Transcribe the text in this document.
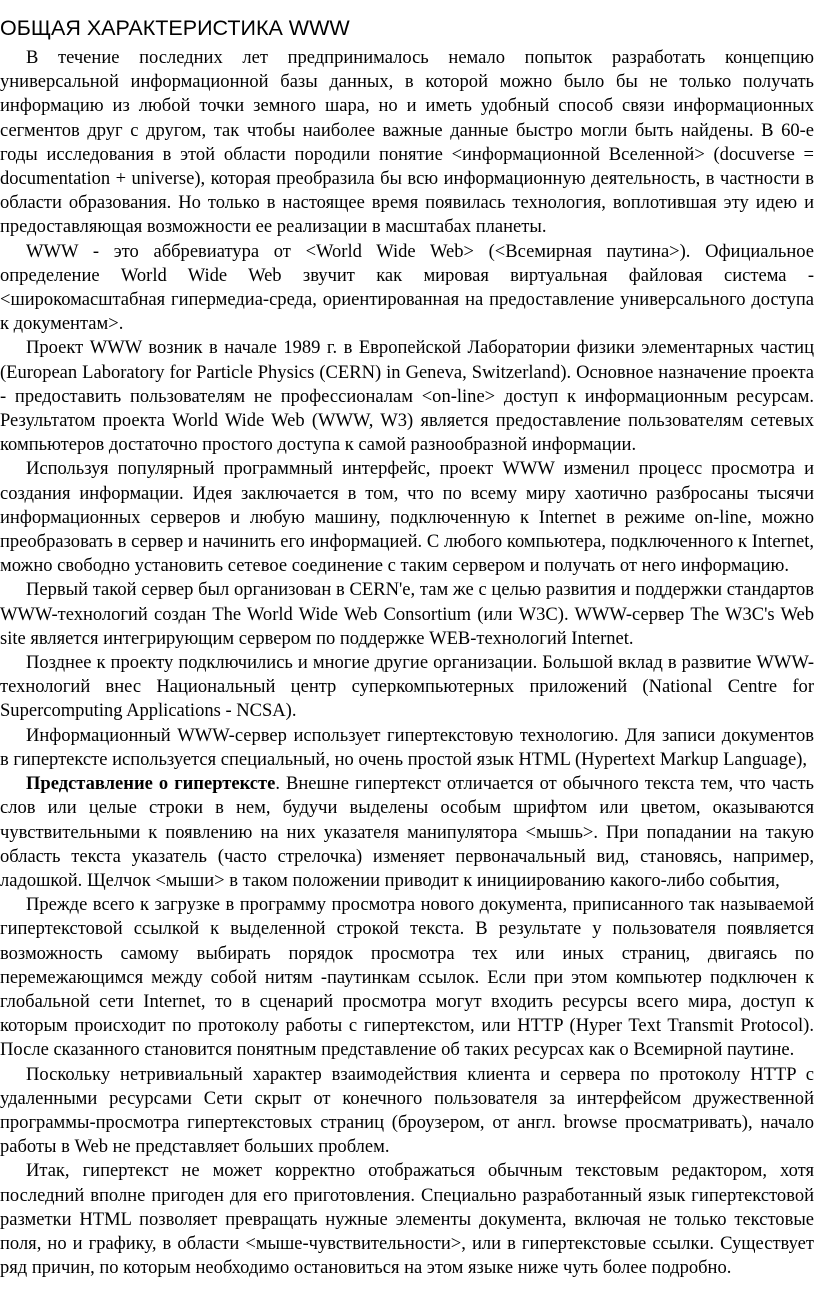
ОБЩАЯ ХАРАКТЕРИСТИКА WWW

В течение последних лет предпринималось немало попыток разработать концепцию универсальной информационной базы данных, в которой можно было бы не только получать информацию из любой точки земного шара, но и иметь удобный способ связи информационных сегментов друг с другом, так чтобы наиболее важные данные быстро могли быть найдены. В 60-е годы исследования в этой области породили понятие <информационной Вселенной> (docuverse = documentation + universe), которая преобразила бы всю информационную деятельность, в частности в области образования. Но только в настоящее время появилась технология, воплотившая эту идею и предоставляющая возможности ее реализации в масштабах планеты.

WWW - это аббревиатура от <World Wide Web> (<Всемирная паутина>). Официальное определение World Wide Web звучит как мировая виртуальная файловая система - <широкомасштабная гипермедиа-среда, ориентированная на предоставление универсального доступа к документам>.

Проект WWW возник в начале 1989 г. в Европейской Лаборатории физики элементарных частиц (European Laboratory for Particle Physics (CERN) in Geneva, Switzerland). Основное назначение проекта - предоставить пользователям не профессионалам <on-line> доступ к информационным ресурсам. Результатом проекта World Wide Web (WWW, W3) является предоставление пользователям сетевых компьютеров достаточно простого доступа к самой разнообразной информации.

Используя популярный программный интерфейс, проект WWW изменил процесс просмотра и создания информации. Идея заключается в том, что по всему миру хаотично разбросаны тысячи информационных серверов и любую машину, подключенную к Internet в режиме on-line, можно преобразовать в сервер и начинить его информацией. С любого компьютера, подключенного к Internet, можно свободно установить сетевое соединение с таким сервером и получать от него информацию.

Первый такой сервер был организован в CERN'е, там же с целью развития и поддержки стандартов WWW-технологий создан The World Wide Web Consortium (или W3C). WWW-сервер The W3C's Web site является интегрирующим сервером по поддержке WEB-технологий Internet.

Позднее к проекту подключились и многие другие организации. Большой вклад в развитие WWW-технологий внес Национальный центр суперкомпьютерных приложений (National Centre for Supercomputing Applications - NCSA).

Информационный WWW-сервер использует гипертекстовую технологию. Для записи документов в гипертексте используется специальный, но очень простой язык HTML (Hypertext Markup Language),

Представление о гипертексте. Внешне гипертекст отличается от обычного текста тем, что часть слов или целые строки в нем, будучи выделены особым шрифтом или цветом, оказываются чувствительными к появлению на них указателя манипулятора <мышь>. При попадании на такую область текста указатель (часто стрелочка) изменяет первоначальный вид, становясь, например, ладошкой. Щелчок <мыши> в таком положении приводит к инициированию какого-либо события,

Прежде всего к загрузке в программу просмотра нового документа, приписанного так называемой гипертекстовой ссылкой к выделенной строкой текста. В результате у пользователя появляется возможность самому выбирать порядок просмотра тех или иных страниц, двигаясь по перемежающимся между собой нитям -паутинкам ссылок. Если при этом компьютер подключен к глобальной сети Internet, то в сценарий просмотра могут входить ресурсы всего мира, доступ к которым происходит по протоколу работы с гипертекстом, или HTTP (Hyper Text Transmit Protocol). После сказанного становится понятным представление об таких ресурсах как о Всемирной паутине.

Поскольку нетривиальный характер взаимодействия клиента и сервера по протоколу HTTP с удаленными ресурсами Сети скрыт от конечного пользователя за интерфейсом дружественной программы-просмотра гипертекстовых страниц (броузером, от англ. browse просматривать), начало работы в Web не представляет больших проблем.

Итак, гипертекст не может корректно отображаться обычным текстовым редактором, хотя последний вполне пригоден для его приготовления. Специально разработанный язык гипертекстовой разметки HTML позволяет превращать нужные элементы документа, включая не только текстовые поля, но и графику, в области <мыше-чувствительности>, или в гипертекстовые ссылки. Существует ряд причин, по которым необходимо остановиться на этом языке ниже чуть более подробно.
